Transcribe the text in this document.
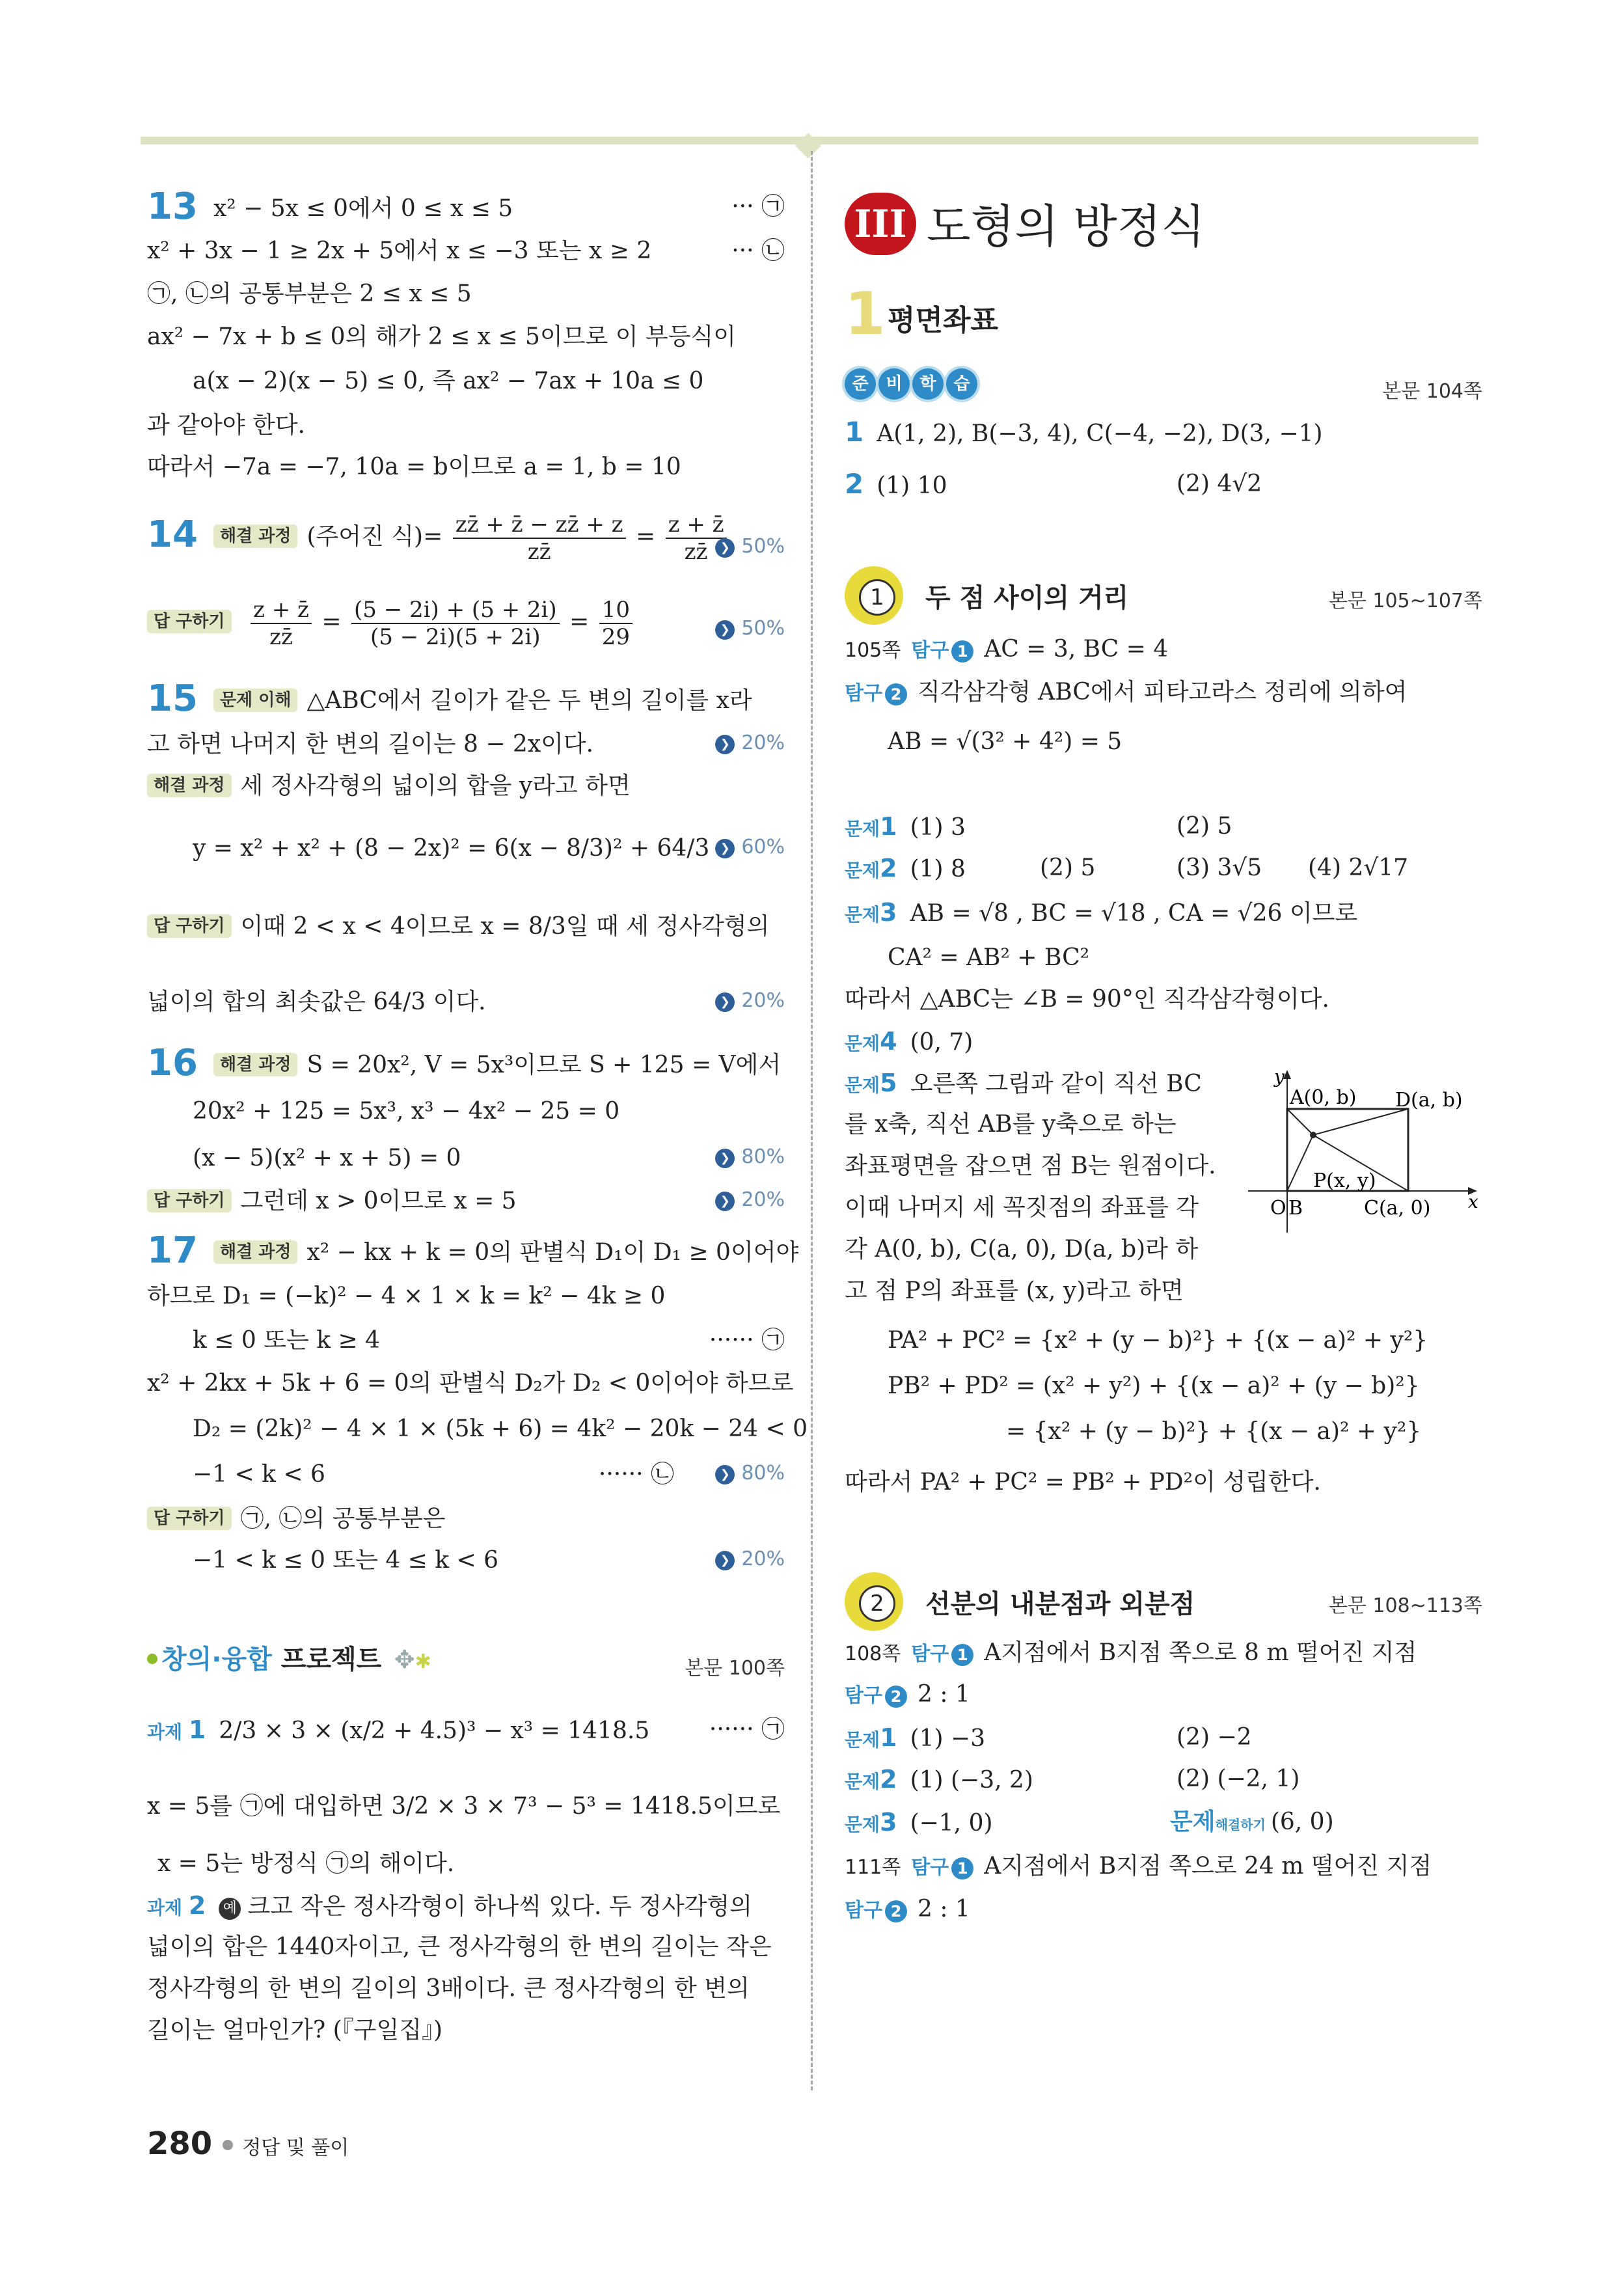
13 x² − 5x ≤ 0에서 0 ≤ x ≤ 5	··· ㉠
x² + 3x − 1 ≥ 2x + 5에서 x ≤ −3 또는 x ≥ 2	··· ㉡
㉠, ㉡의 공통부분은 2 ≤ x ≤ 5
ax² − 7x + b ≤ 0의 해가 2 ≤ x ≤ 5이므로 이 부등식이
a(x − 2)(x − 5) ≤ 0, 즉 ax² − 7ax + 10a ≤ 0
과 같아야 한다.
따라서 −7a = −7, 10a = b이므로 a = 1, b = 10
14 해결 과정 (주어진 식)= $\frac{zz̄ + z̄ - zz̄ + z}{zz̄} = \frac{z + z̄}{zz̄}$ ❯ 50%
답 구하기 $\frac{z + z̄}{zz̄} = \frac{(5 - 2i) + (5 + 2i)}{(5 - 2i)(5 + 2i)} = \frac{10}{29}$	❯ 50%
15 문제 이해 △ABC에서 길이가 같은 두 변의 길이를 x라
고 하면 나머지 한 변의 길이는 8 − 2x이다.	❯ 20%
해결 과정 세 정사각형의 넓이의 합을 y라고 하면
y = x² + x² + (8 − 2x)² = 6(x − 8/3)² + 64/3	❯ 60%
답 구하기 이때 2 < x < 4이므로 x = 8/3일 때 세 정사각형의
넓이의 합의 최솟값은 64/3 이다.	❯ 20%
16 해결 과정 S = 20x², V = 5x³이므로 S + 125 = V에서
20x² + 125 = 5x³, x³ − 4x² − 25 = 0
(x − 5)(x² + x + 5) = 0	❯ 80%
답 구하기 그런데 x > 0이므로 x = 5	❯ 20%
17 해결 과정 x² − kx + k = 0의 판별식 D₁이 D₁ ≥ 0이어야
하므로 D₁ = (−k)² − 4 × 1 × k = k² − 4k ≥ 0
k ≤ 0 또는 k ≥ 4	······ ㉠
x² + 2kx + 5k + 6 = 0의 판별식 D₂가 D₂ < 0이어야 하므로
D₂ = (2k)² − 4 × 1 × (5k + 6) = 4k² − 20k − 24 < 0
−1 < k < 6	······ ㉡	❯ 80%
답 구하기 ㉠, ㉡의 공통부분은
−1 < k ≤ 0 또는 4 ≤ k < 6	❯ 20%
창의·융합 프로젝트 ✥✱	본문 100쪽
과제 1 2/3 × 3 × (x/2 + 4.5)³ − x³ = 1418.5	······ ㉠
x = 5를 ㉠에 대입하면 3/2 × 3 × 7³ − 5³ = 1418.5이므로
x = 5는 방정식 ㉠의 해이다.
과제 2 예 크고 작은 정사각형이 하나씩 있다. 두 정사각형의
넓이의 합은 1440자이고, 큰 정사각형의 한 변의 길이는 작은
정사각형의 한 변의 길이의 3배이다. 큰 정사각형의 한 변의
길이는 얼마인가? (『구일집』)
III 도형의 방정식
1 평면좌표
준 비 학 습	본문 104쪽
1 A(1, 2), B(−3, 4), C(−4, −2), D(3, −1)
2 (1) 10	(2) 4√2
1	두 점 사이의 거리	본문 105~107쪽
105쪽 탐구 1 AC = 3, BC = 4
탐구 2 직각삼각형 ABC에서 피타고라스 정리에 의하여
AB = √(3² + 4²) = 5
문제1 (1) 3	(2) 5
문제2 (1) 8	(2) 5	(3) 3√5 (4) 2√17
문제3 AB = √8 , BC = √18 , CA = √26 이므로
CA² = AB² + BC²
따라서 △ABC는 ∠B = 90°인 직각삼각형이다.
문제4 (0, 7)
문제5 오른쪽 그림과 같이 직선 BC
를 x축, 직선 AB를 y축으로 하는
좌표평면을 잡으면 점 B는 원점이다.
이때 나머지 세 꼭짓점의 좌표를 각
각 A(0, b), C(a, 0), D(a, b)라 하
고 점 P의 좌표를 (x, y)라고 하면
y
x
A(0, b) D(a, b)
P(x, y)
O B	C(a, 0)
PA² + PC² = {x² + (y − b)²} + {(x − a)² + y²}
PB² + PD² = (x² + y²) + {(x − a)² + (y − b)²}
= {x² + (y − b)²} + {(x − a)² + y²}
따라서 PA² + PC² = PB² + PD²이 성립한다.
2	선분의 내분점과 외분점	본문 108~113쪽
108쪽 탐구 1 A지점에서 B지점 쪽으로 8 m 떨어진 지점
탐구 2 2 : 1
문제1 (1) −3	(2) −2
문제2 (1) (−3, 2)	(2) (−2, 1)
문제3 (−1, 0)	문제해결하기 (6, 0)
111쪽 탐구 1 A지점에서 B지점 쪽으로 24 m 떨어진 지점
탐구 2 2 : 1
280 정답 및 풀이
